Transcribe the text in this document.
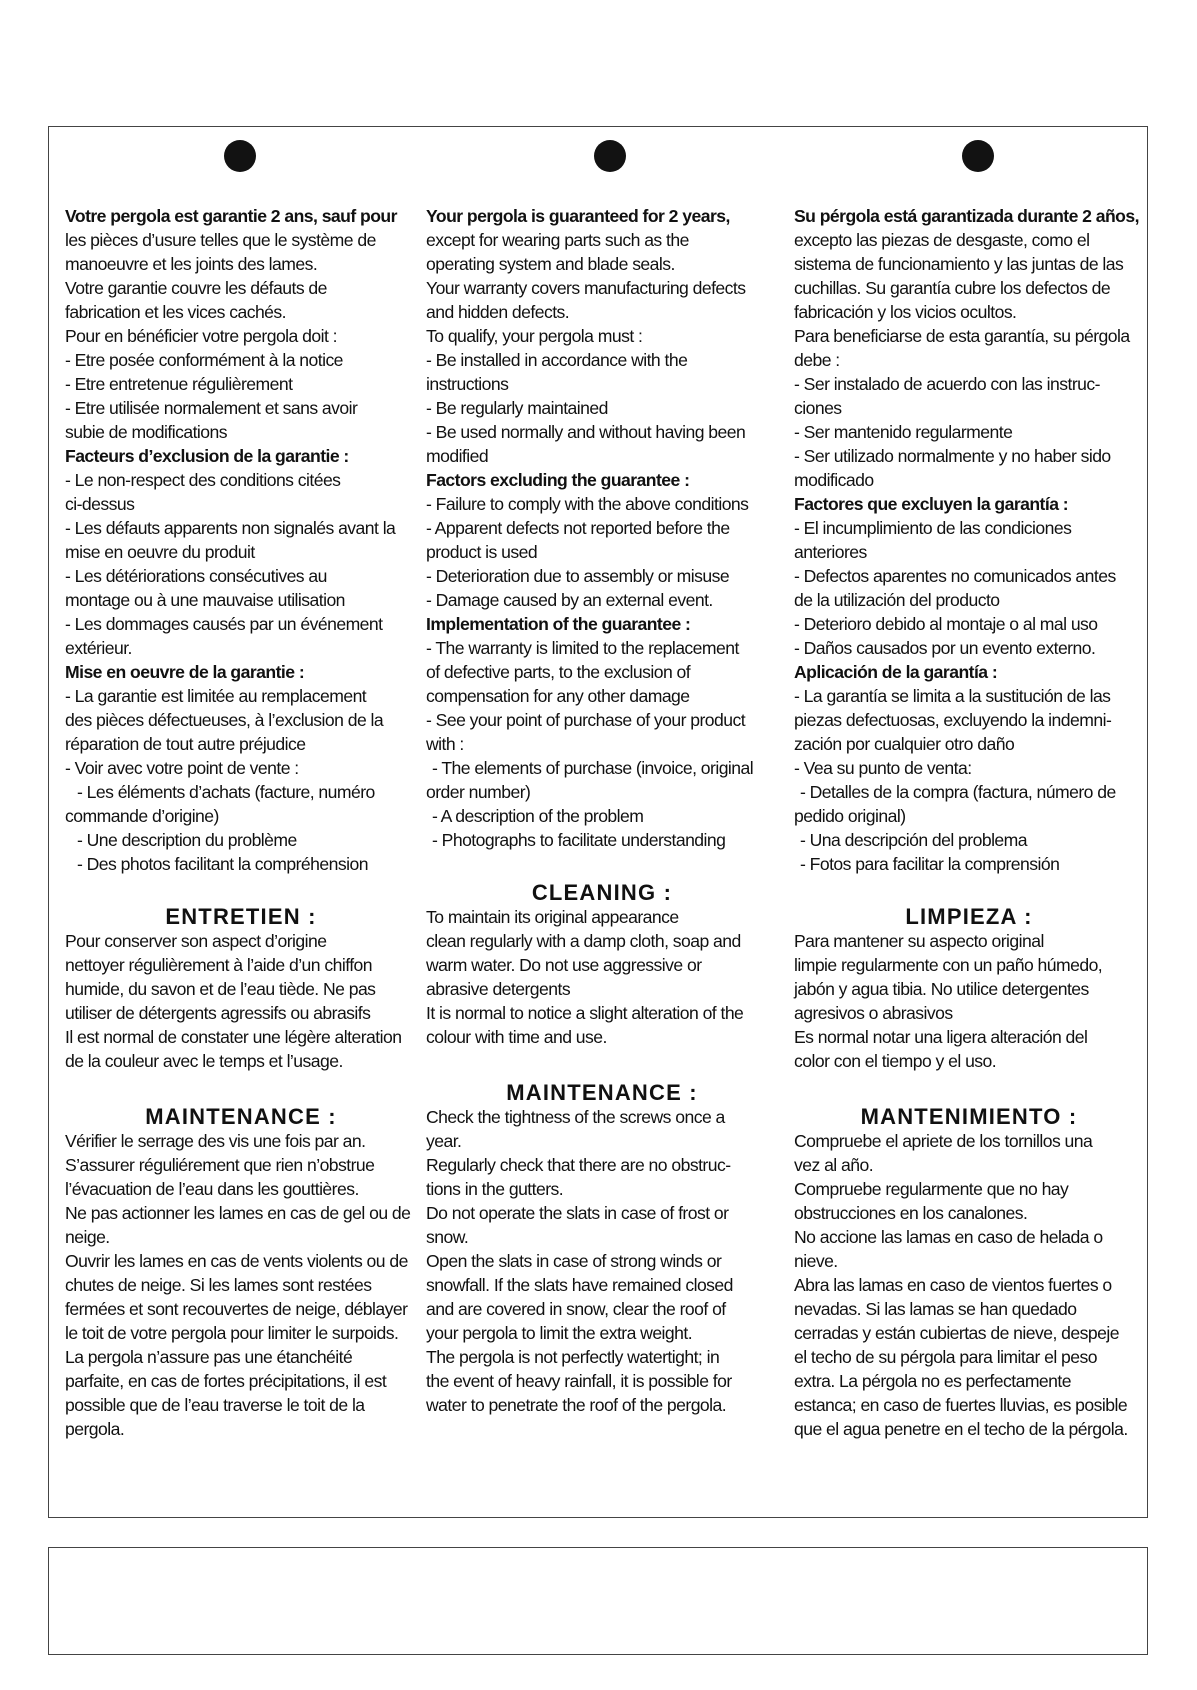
Votre pergola est garantie 2 ans, sauf pour
les pièces d’usure telles que le système de
manoeuvre et les joints des lames.
Votre garantie couvre les défauts de
fabrication et les vices cachés.
Pour en bénéficier votre pergola doit :
- Etre posée conformément à la notice
- Etre entretenue régulièrement
- Etre utilisée normalement et sans avoir
subie de modifications
Facteurs d’exclusion de la garantie :
- Le non-respect des conditions citées
ci-dessus
- Les défauts apparents non signalés avant la
mise en oeuvre du produit
- Les détériorations consécutives au
montage ou à une mauvaise utilisation
- Les dommages causés par un événement
extérieur.
Mise en oeuvre de la garantie :
- La garantie est limitée au remplacement
des pièces défectueuses, à l’exclusion de la
réparation de tout autre préjudice
- Voir avec votre point de vente :
- Les éléments d’achats (facture, numéro
commande d’origine)
- Une description du problème
- Des photos facilitant la compréhension
ENTRETIEN :
Pour conserver son aspect d’origine
nettoyer régulièrement à l’aide d’un chiffon
humide, du savon et de l’eau tiède. Ne pas
utiliser de détergents agressifs ou abrasifs
Il est normal de constater une légère alteration
de la couleur avec le temps et l’usage.
MAINTENANCE :
Vérifier le serrage des vis une fois par an.
S’assurer réguliérement que rien n’obstrue
l’évacuation de l’eau dans les gouttières.
Ne pas actionner les lames en cas de gel ou de
neige.
Ouvrir les lames en cas de vents violents ou de
chutes de neige. Si les lames sont restées
fermées et sont recouvertes de neige, déblayer
le toit de votre pergola pour limiter le surpoids.
La pergola n’assure pas une étanchéité
parfaite, en cas de fortes précipitations, il est
possible que de l’eau traverse le toit de la
pergola.
Your pergola is guaranteed for 2 years,
except for wearing parts such as the
operating system and blade seals.
Your warranty covers manufacturing defects
and hidden defects.
To qualify, your pergola must :
- Be installed in accordance with the
instructions
- Be regularly maintained
- Be used normally and without having been
modified
Factors excluding the guarantee :
- Failure to comply with the above conditions
- Apparent defects not reported before the
product is used
- Deterioration due to assembly or misuse
- Damage caused by an external event.
Implementation of the guarantee :
- The warranty is limited to the replacement
of defective parts, to the exclusion of
compensation for any other damage
- See your point of purchase of your product
with :
- The elements of purchase (invoice, original
order number)
- A description of the problem
- Photographs to facilitate understanding
CLEANING :
To maintain its original appearance
clean regularly with a damp cloth, soap and
warm water. Do not use aggressive or
abrasive detergents
It is normal to notice a slight alteration of the
colour with time and use.
MAINTENANCE :
Check the tightness of the screws once a
year.
Regularly check that there are no obstruc-
tions in the gutters.
Do not operate the slats in case of frost or
snow.
Open the slats in case of strong winds or
snowfall. If the slats have remained closed
and are covered in snow, clear the roof of
your pergola to limit the extra weight.
The pergola is not perfectly watertight; in
the event of heavy rainfall, it is possible for
water to penetrate the roof of the pergola.
Su pérgola está garantizada durante 2 años,
excepto las piezas de desgaste, como el
sistema de funcionamiento y las juntas de las
cuchillas. Su garantía cubre los defectos de
fabricación y los vicios ocultos.
Para beneficiarse de esta garantía, su pérgola
debe :
- Ser instalado de acuerdo con las instruc-
ciones
- Ser mantenido regularmente
- Ser utilizado normalmente y no haber sido
modificado
Factores que excluyen la garantía :
- El incumplimiento de las condiciones
anteriores
- Defectos aparentes no comunicados antes
de la utilización del producto
- Deterioro debido al montaje o al mal uso
- Daños causados por un evento externo.
Aplicación de la garantía :
- La garantía se limita a la sustitución de las
piezas defectuosas, excluyendo la indemni-
zación por cualquier otro daño
- Vea su punto de venta:
- Detalles de la compra (factura, número de
pedido original)
- Una descripción del problema
- Fotos para facilitar la comprensión
LIMPIEZA :
Para mantener su aspecto original
limpie regularmente con un paño húmedo,
jabón y agua tibia. No utilice detergentes
agresivos o abrasivos
Es normal notar una ligera alteración del
color con el tiempo y el uso.
MANTENIMIENTO :
Compruebe el apriete de los tornillos una
vez al año.
Compruebe regularmente que no hay
obstrucciones en los canalones.
No accione las lamas en caso de helada o
nieve.
Abra las lamas en caso de vientos fuertes o
nevadas. Si las lamas se han quedado
cerradas y están cubiertas de nieve, despeje
el techo de su pérgola para limitar el peso
extra. La pérgola no es perfectamente
estanca; en caso de fuertes lluvias, es posible
que el agua penetre en el techo de la pérgola.
